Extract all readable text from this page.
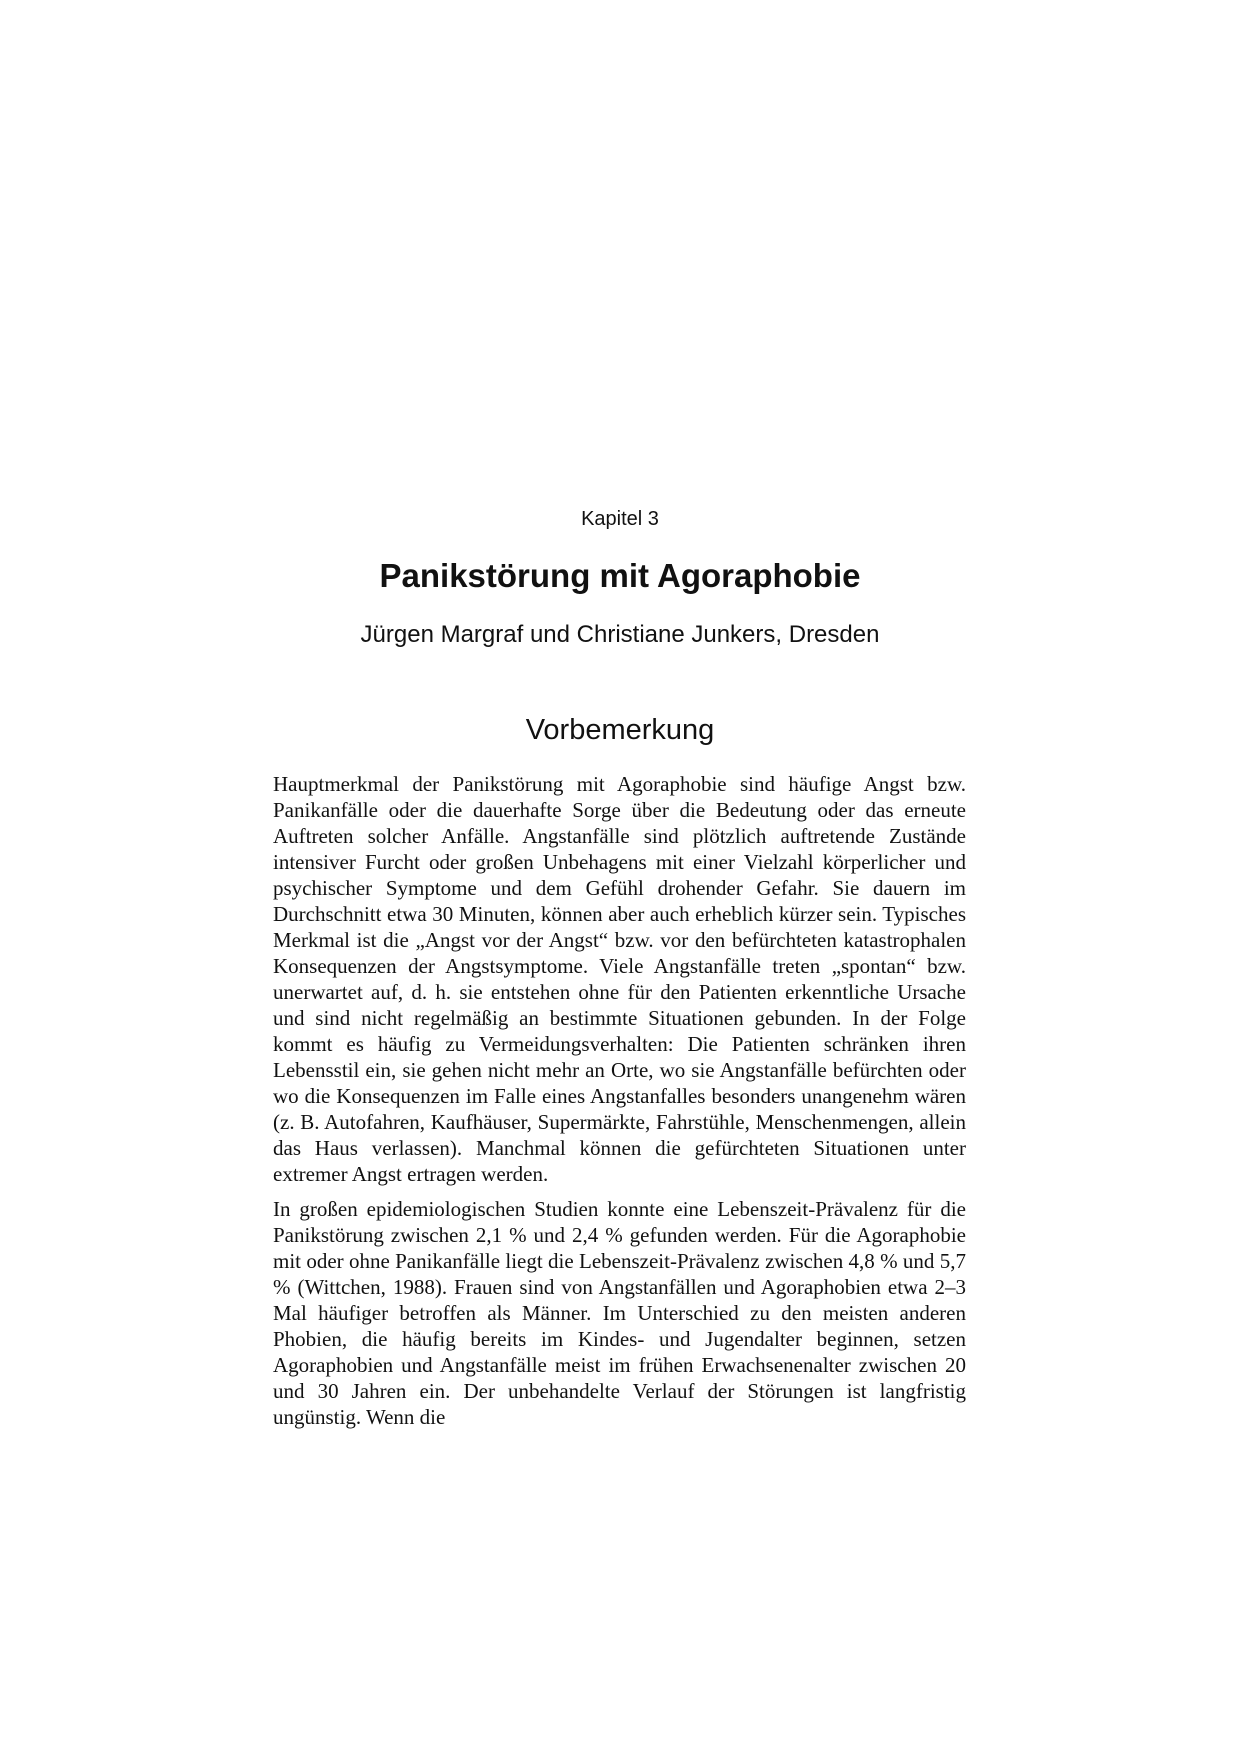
Kapitel 3
Panikstörung mit Agoraphobie
Jürgen Margraf und Christiane Junkers, Dresden
Vorbemerkung

Hauptmerkmal der Panikstörung mit Agoraphobie sind häufige Angst bzw. Panikanfälle oder die dauerhafte Sorge über die Bedeutung oder das erneute Auftreten solcher Anfälle. Angstanfälle sind plötzlich auftretende Zustände intensiver Furcht oder großen Unbehagens mit einer Vielzahl körperlicher und psychischer Symptome und dem Gefühl drohender Gefahr. Sie dauern im Durchschnitt etwa 30 Minuten, können aber auch erheblich kürzer sein. Typisches Merkmal ist die „Angst vor der Angst“ bzw. vor den befürchteten katastrophalen Konsequenzen der Angstsymptome. Viele Angstanfälle treten „spontan“ bzw. unerwartet auf, d. h. sie entstehen ohne für den Patienten erkenntliche Ursache und sind nicht regelmäßig an bestimmte Situationen gebunden. In der Folge kommt es häufig zu Vermeidungsverhalten: Die Patienten schränken ihren Lebensstil ein, sie gehen nicht mehr an Orte, wo sie Angstanfälle befürchten oder wo die Konsequenzen im Falle eines Angstanfalles besonders unangenehm wären (z. B. Autofahren, Kaufhäuser, Supermärkte, Fahrstühle, Menschenmengen, allein das Haus verlassen). Manchmal können die gefürchteten Situationen unter extremer Angst ertragen werden.

In großen epidemiologischen Studien konnte eine Lebenszeit-Prävalenz für die Panikstörung zwischen 2,1 % und 2,4 % gefunden werden. Für die Agoraphobie mit oder ohne Panikanfälle liegt die Lebenszeit-Prävalenz zwischen 4,8 % und 5,7 % (Wittchen, 1988). Frauen sind von Angstanfällen und Agoraphobien etwa 2–3 Mal häufiger betroffen als Männer. Im Unterschied zu den meisten anderen Phobien, die häufig bereits im Kindes- und Jugendalter beginnen, setzen Agoraphobien und Angstanfälle meist im frühen Erwachsenenalter zwischen 20 und 30 Jahren ein. Der unbehandelte Verlauf der Störungen ist langfristig ungünstig. Wenn die
